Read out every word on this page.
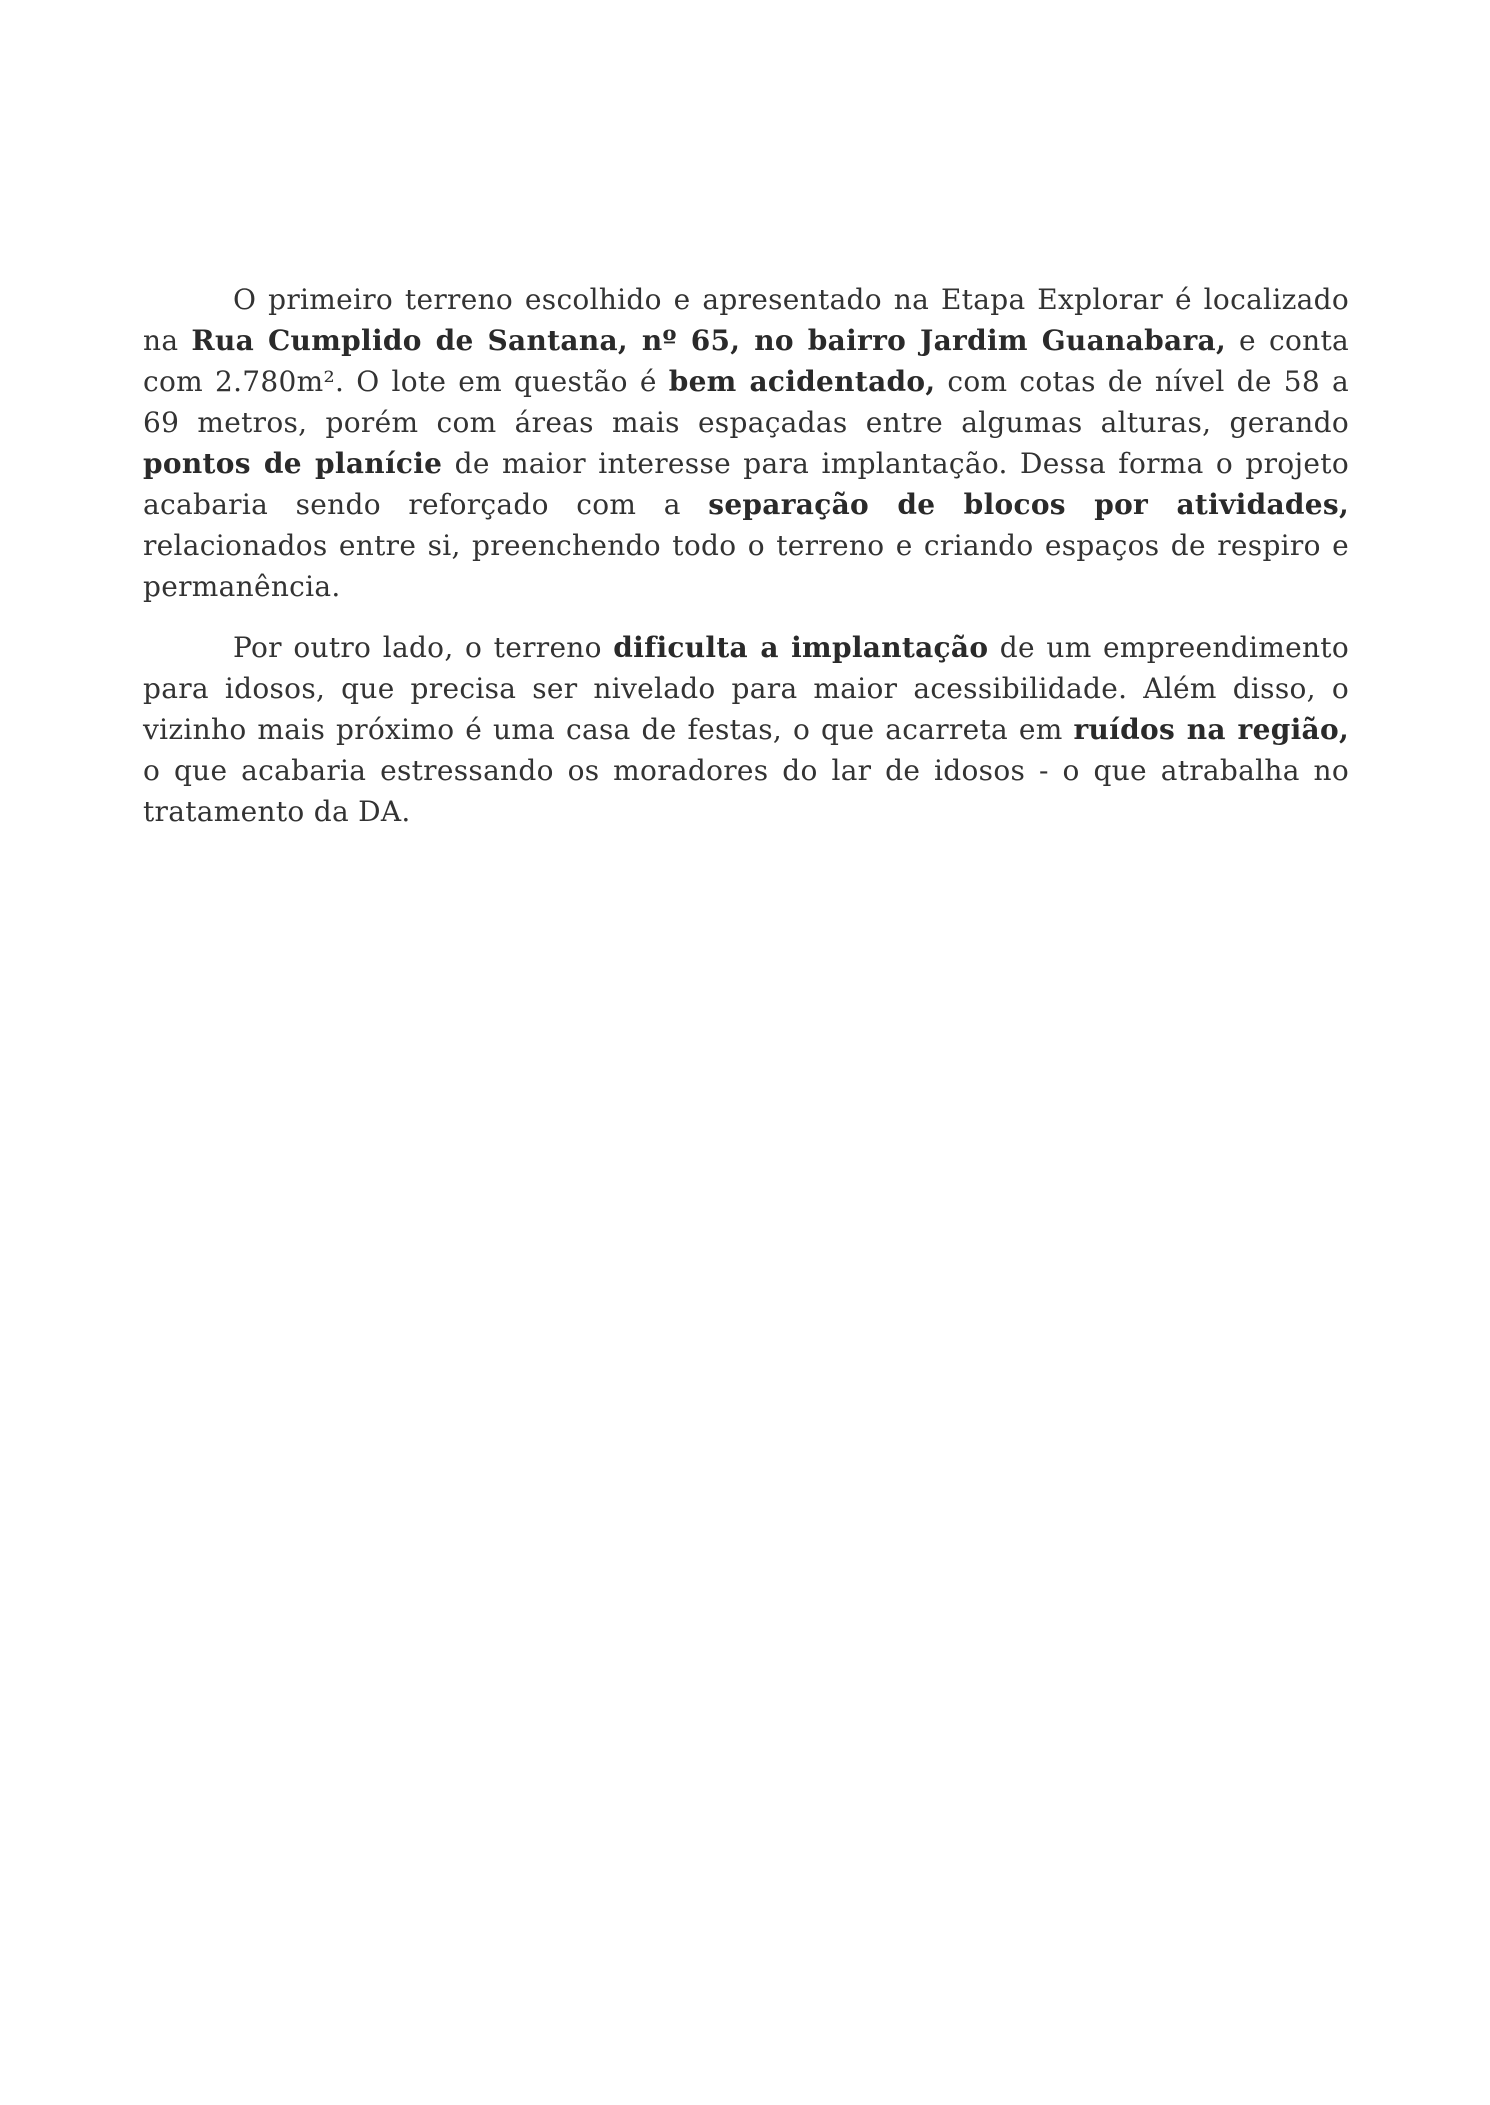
O primeiro terreno escolhido e apresentado na Etapa Explorar é localizado na Rua Cumplido de Santana, nº 65, no bairro Jardim Guanabara, e conta com 2.780m². O lote em questão é bem acidentado, com cotas de nível de 58 a 69 metros, porém com áreas mais espaçadas entre algumas alturas, gerando pontos de planície de maior interesse para implantação. Dessa forma o projeto acabaria sendo reforçado com a separação de blocos por atividades, relacionados entre si, preenchendo todo o terreno e criando espaços de respiro e permanência.

Por outro lado, o terreno dificulta a implantação de um empreendimento para idosos, que precisa ser nivelado para maior acessibilidade. Além disso, o vizinho mais próximo é uma casa de festas, o que acarreta em ruídos na região, o que acabaria estressando os moradores do lar de idosos - o que atrabalha no tratamento da DA.
